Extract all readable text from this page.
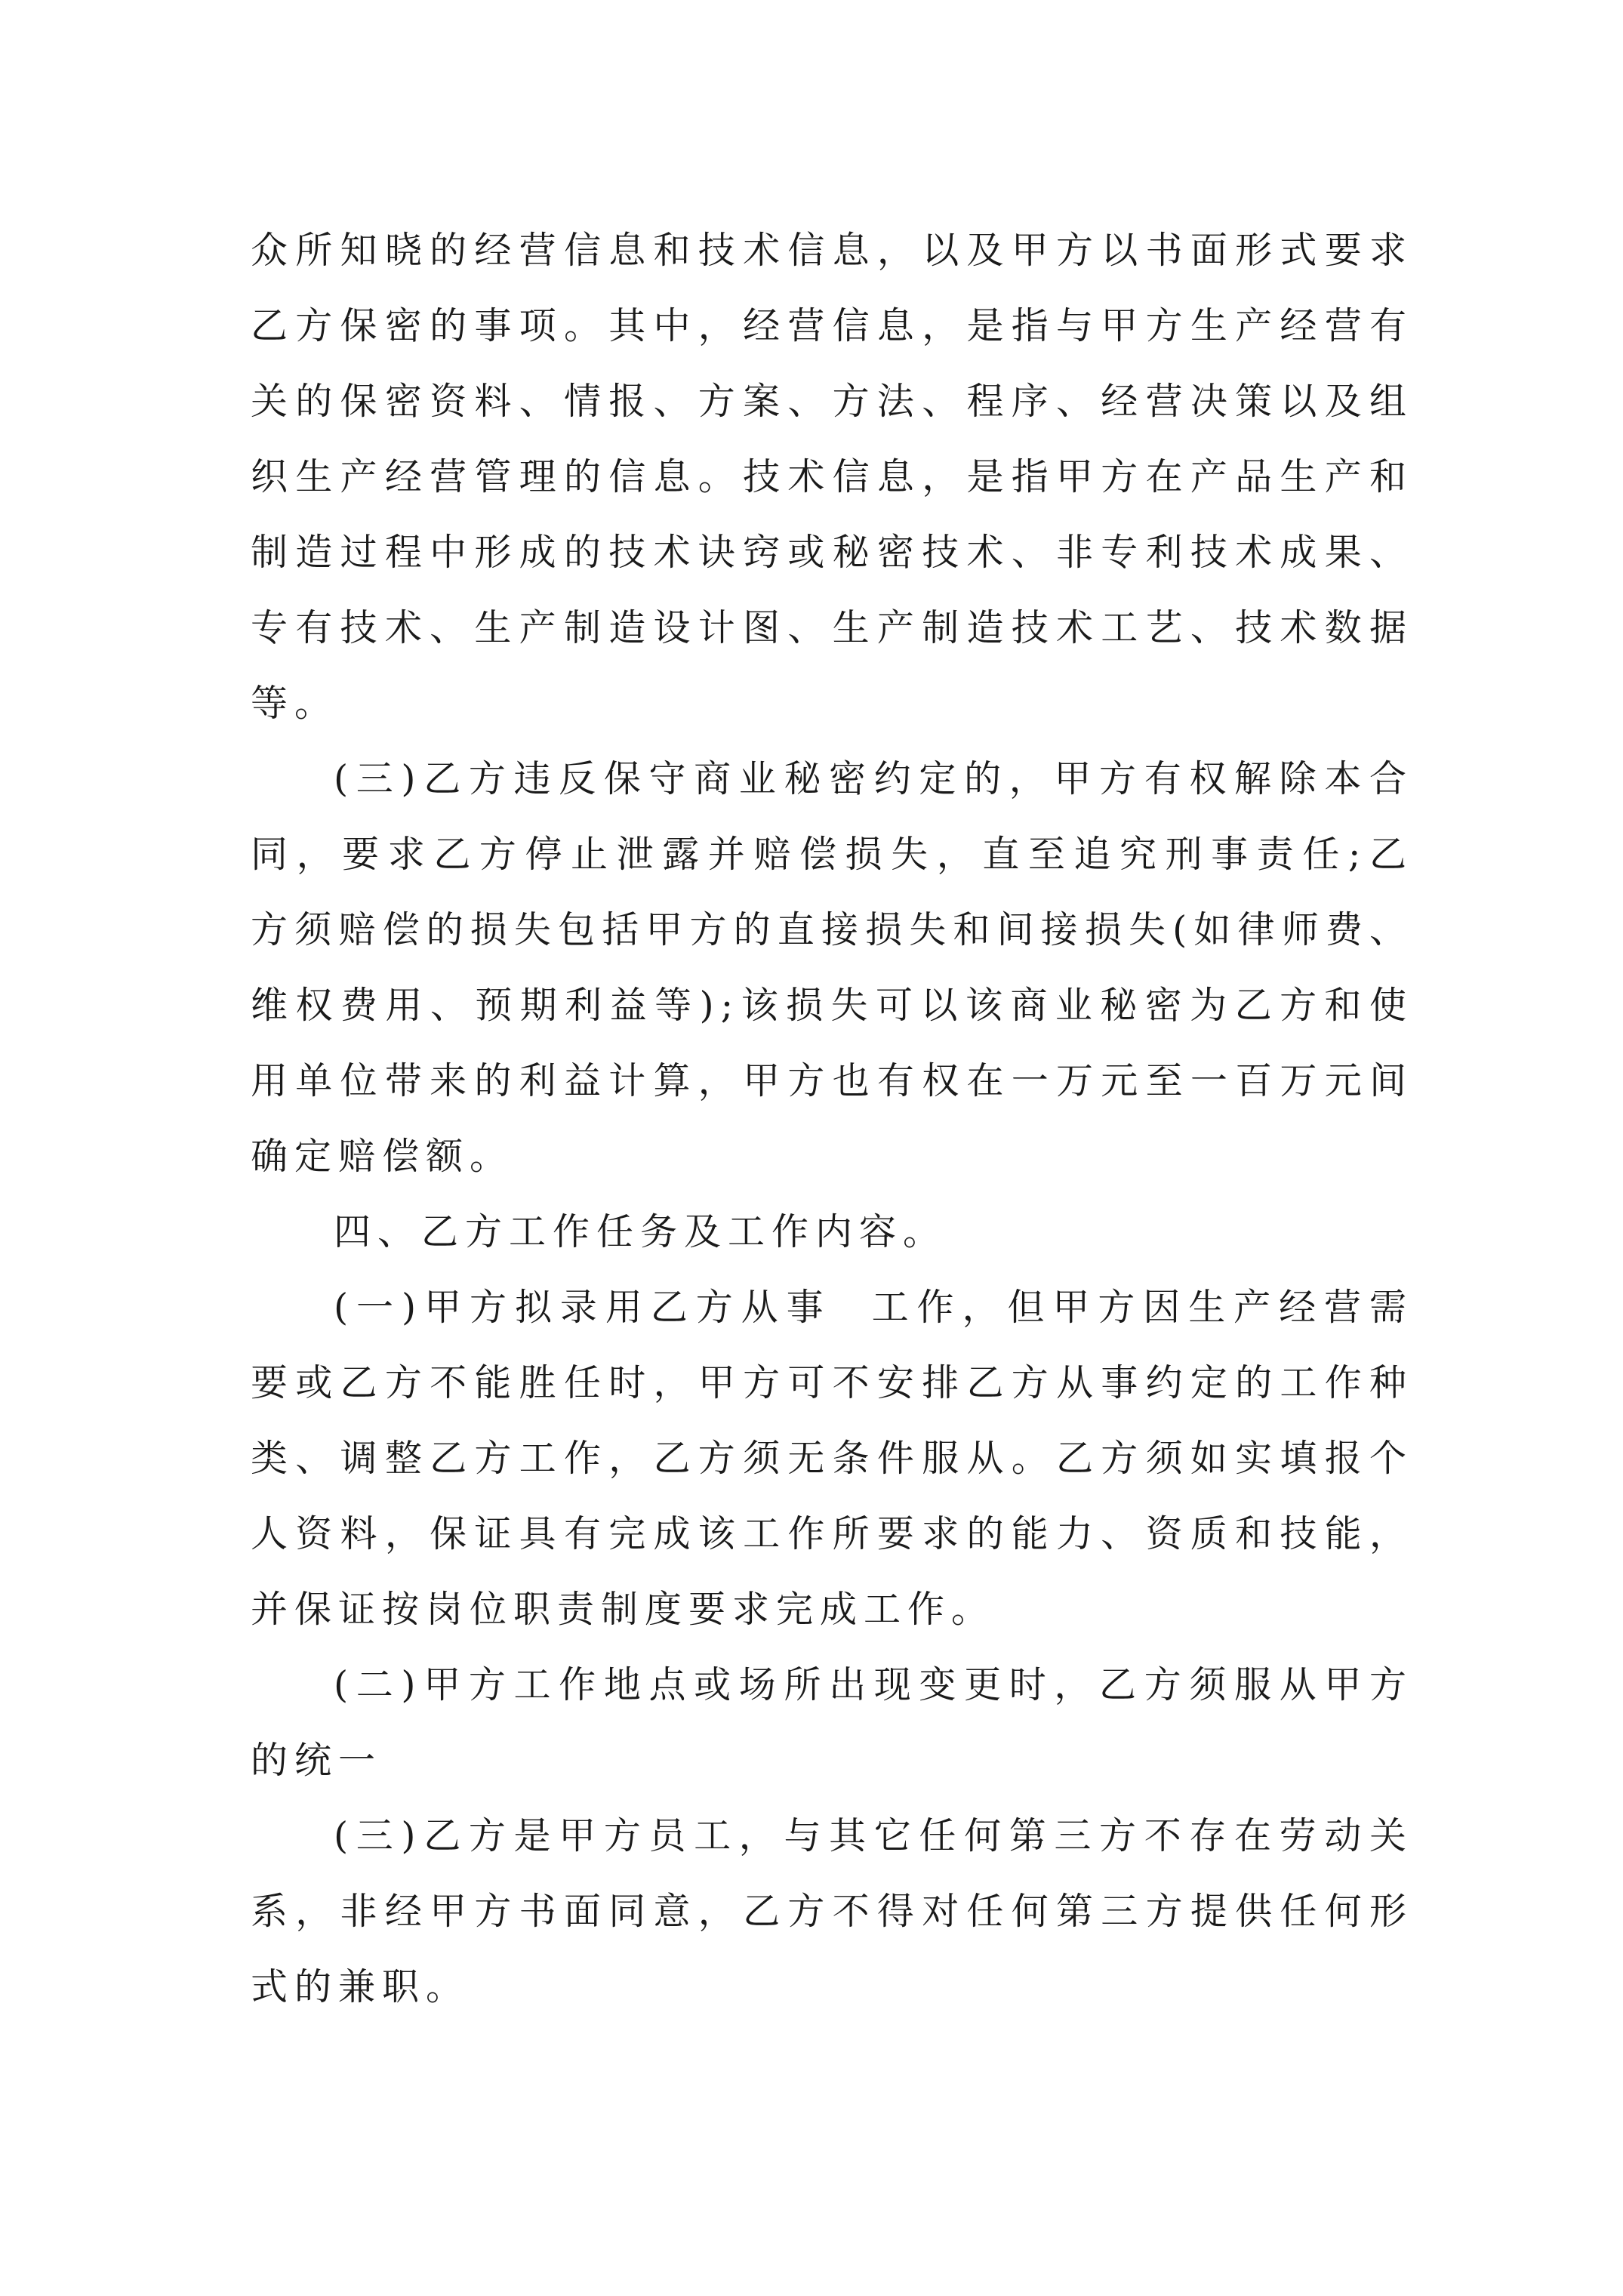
众所知晓的经营信息和技术信息，以及甲方以书面形式要求
乙方保密的事项。其中，经营信息，是指与甲方生产经营有
关的保密资料、情报、方案、方法、程序、经营决策以及组
织生产经营管理的信息。技术信息，是指甲方在产品生产和
制造过程中形成的技术诀窍或秘密技术、非专利技术成果、
专有技术、生产制造设计图、生产制造技术工艺、技术数据
等。

(三)乙方违反保守商业秘密约定的，甲方有权解除本合
同，要求乙方停止泄露并赔偿损失，直至追究刑事责任;乙
方须赔偿的损失包括甲方的直接损失和间接损失(如律师费、
维权费用、预期利益等);该损失可以该商业秘密为乙方和使
用单位带来的利益计算，甲方也有权在一万元至一百万元间
确定赔偿额。

四、乙方工作任务及工作内容。

(一)甲方拟录用乙方从事  工作，但甲方因生产经营需
要或乙方不能胜任时，甲方可不安排乙方从事约定的工作种
类、调整乙方工作，乙方须无条件服从。乙方须如实填报个
人资料，保证具有完成该工作所要求的能力、资质和技能，
并保证按岗位职责制度要求完成工作。

(二)甲方工作地点或场所出现变更时，乙方须服从甲方
的统一

(三)乙方是甲方员工，与其它任何第三方不存在劳动关
系，非经甲方书面同意，乙方不得对任何第三方提供任何形
式的兼职。
